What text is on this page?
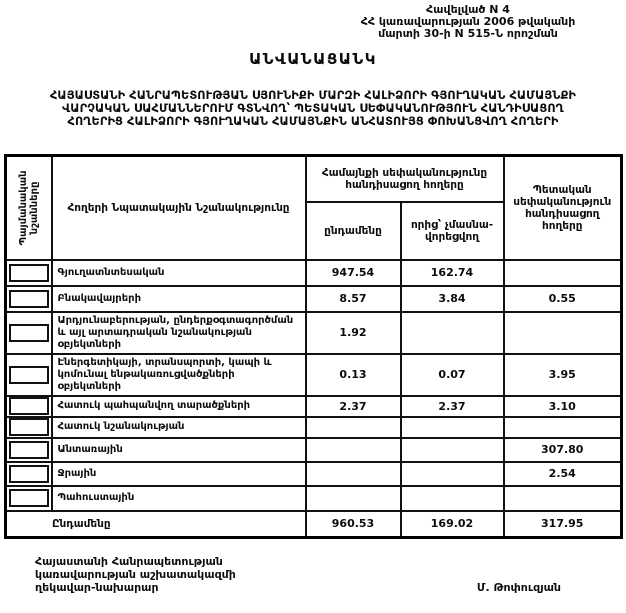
Հավելված N 4
ՀՀ կառավարության 2006 թվականի
մարտի 30-ի N 515-Ն որոշման
ԱՆՎԱՆԱՑԱՆԿ
ՀԱՅԱՍՏԱՆԻ ՀԱՆՐԱՊԵՏՈՒԹՅԱՆ ՍՅՈՒՆԻՔԻ ՄԱՐԶԻ ՀԱԼԻՁՈՐԻ ԳՅՈՒՂԱԿԱՆ ՀԱՄԱՅՆՔԻ
ՎԱՐՉԱԿԱՆ ՍԱՀՄԱՆՆԵՐՈՒՄ ԳՏՆՎՈՂ՝ ՊԵՏԱԿԱՆ ՍԵՓԱԿԱՆՈՒԹՅՈՒՆ ՀԱՆԴԻՍԱՑՈՂ
ՀՈՂԵՐԻՑ ՀԱԼԻՁՈՐԻ ԳՅՈՒՂԱԿԱՆ ՀԱՄԱՅՆՔԻՆ ԱՆՀԱՏՈՒՅՑ ՓՈԽԱՆՑՎՈՂ ՀՈՂԵՐԻ
Պայմանական նշանները	Հողերի Նպատակային Նշանակությունը	Համայնքի սեփականությունը հանդիսացող հողերը		Պետական սեփականություն հանդիսացող հողերը
		ընդամենը	որից՝ չմասնավորեցվող	

	Գյուղատնտեսական	947.54	162.74	

	Բնակավայրերի	8.57	3.84	0.55

	Արդյունաբերության, ընդերքօգտագործման և այլ արտադրական նշանակության օբյեկտների	1.92		

	Էներգետիկայի, տրանսպորտի, կապի և կոմունալ ենթակառուցվածքների օբյեկտների	0.13	0.07	3.95

	Հատուկ պահպանվող տարածքների	2.37	2.37	3.10

	Հատուկ նշանակության			

	Անտառային			307.80

	Ջրային			2.54

	Պահուստային			
Ընդամենը		960.53	169.02	317.95
Հայաստանի Հանրապետության
կառավարության աշխատակազմի
ղեկավար-նախարար	Մ. Թոփուզյան
